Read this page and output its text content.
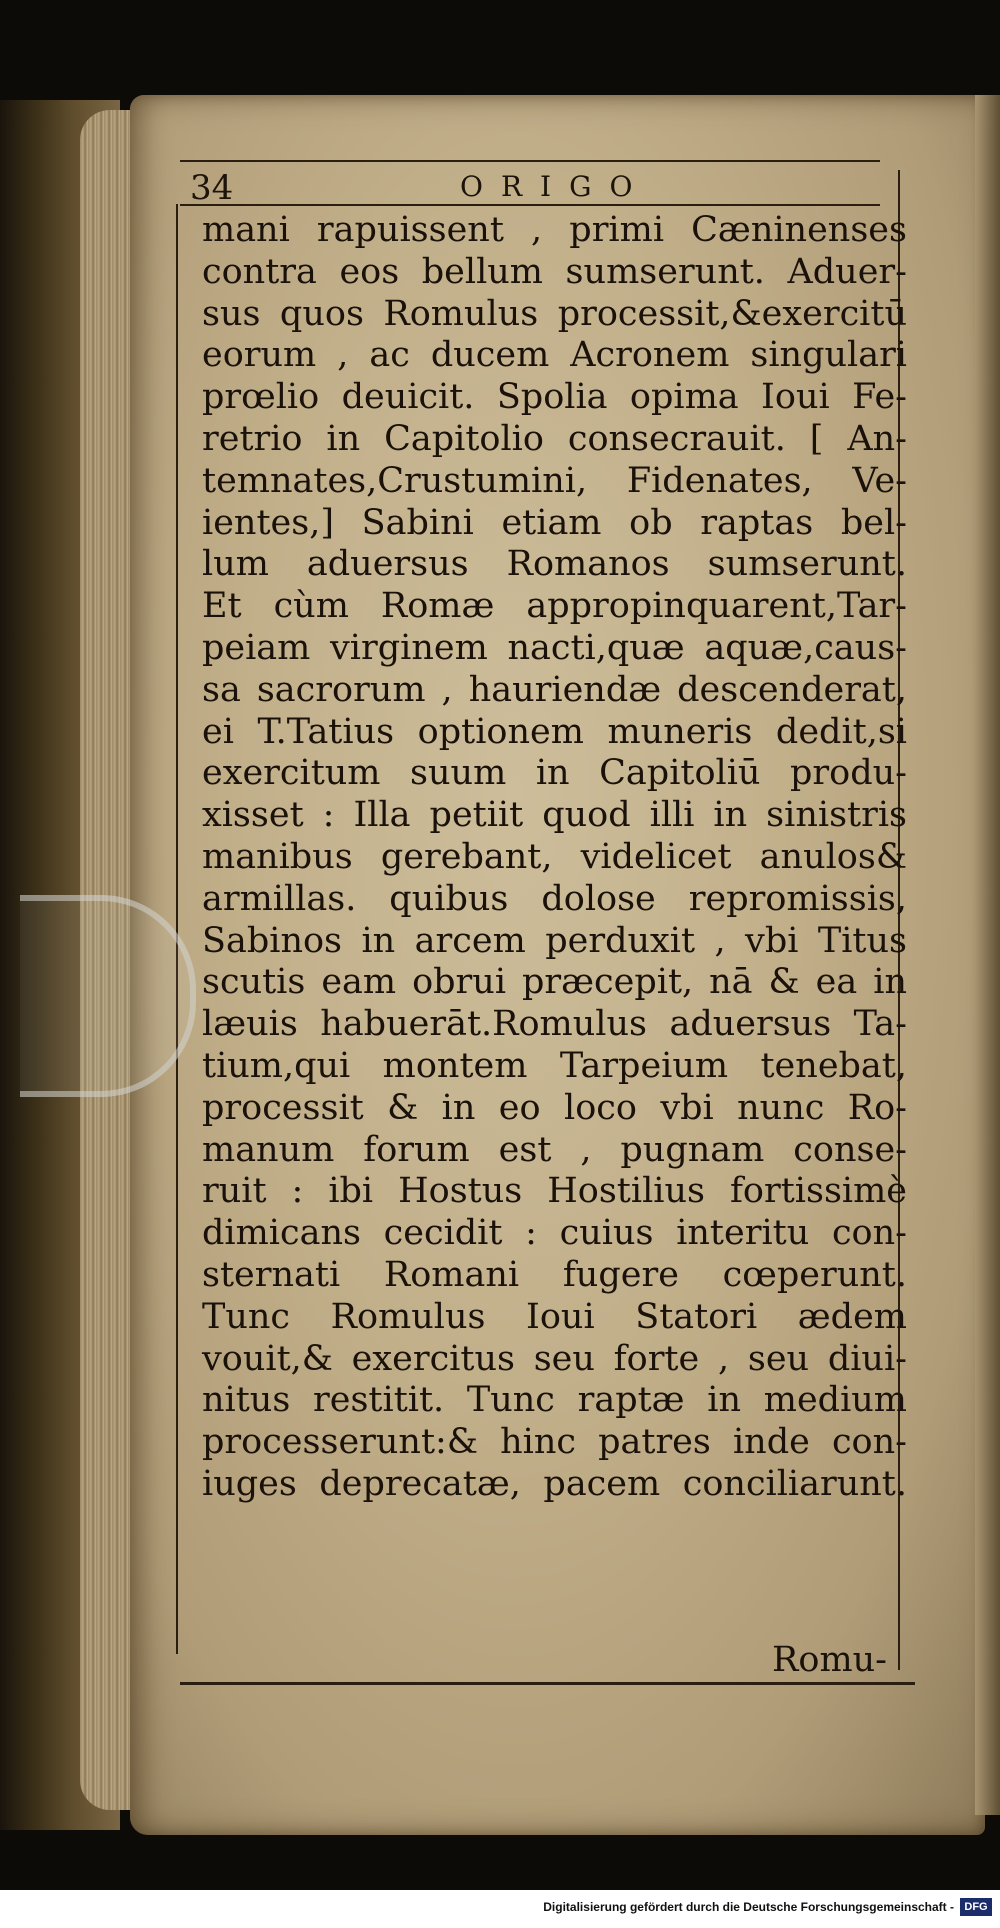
34	ORIGO
mani rapuissent , primi Cæninenses
contra eos bellum sumserunt. Aduer-
sus quos Romulus processit,&exercitū
eorum , ac ducem Acronem singulari
prœlio deuicit. Spolia opima Ioui Fe-
retrio in Capitolio consecrauit. [ An-
temnates,Crustumini, Fidenates, Ve-
ientes,] Sabini etiam ob raptas bel-
lum aduersus Romanos sumserunt.
Et cùm Romæ appropinquarent,Tar-
peiam virginem nacti,quæ aquæ,caus-
sa sacrorum , hauriendæ descenderat,
ei T.Tatius optionem muneris dedit,si
exercitum suum in Capitoliū produ-
xisset : Illa petiit quod illi in sinistris
manibus gerebant, videlicet anulos&
armillas. quibus dolose repromissis,
Sabinos in arcem perduxit , vbi Titus
scutis eam obrui præcepit, nā & ea in
læuis habuerāt.Romulus aduersus Ta-
tium,qui montem Tarpeium tenebat,
processit & in eo loco vbi nunc Ro-
manum forum est , pugnam conse-
ruit : ibi Hostus Hostilius fortissimè
dimicans cecidit : cuius interitu con-
sternati Romani fugere cœperunt.
Tunc Romulus Ioui Statori ædem
vouit,& exercitus seu forte , seu diui-
nitus restitit. Tunc raptæ in medium
processerunt:& hinc patres inde con-
iuges deprecatæ, pacem conciliarunt.
Romu-
Digitalisierung gefördert durch die Deutsche Forschungsgemeinschaft - DFG
